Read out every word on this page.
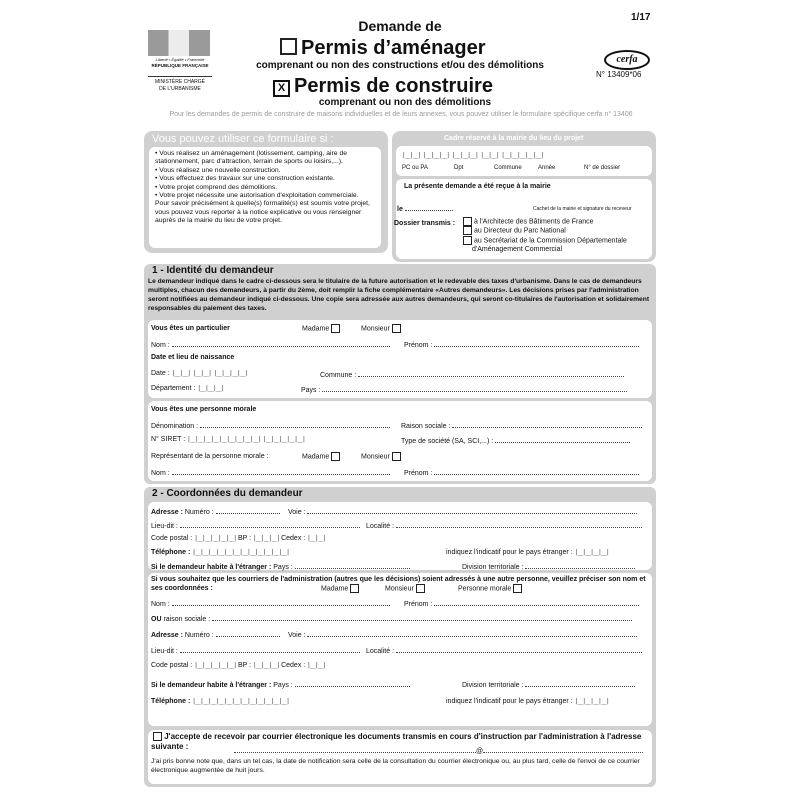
1/17
Liberté • Égalité • Fraternité
RÉPUBLIQUE FRANÇAISE
MINISTÈRE CHARGÉ
DE L'URBANISME
Demande de
Permis d’aménager
comprenant ou non des constructions et/ou des démolitions
X Permis de construire
comprenant ou non des démolitions
cerfa
N° 13409*06
Pour les demandes de permis de construire de maisons individuelles et de leurs annexes, vous pouvez utiliser le formulaire spécifique cerfa n° 13406
Vous pouvez utiliser ce formulaire si :
• Vous réalisez un aménagement (lotissement, camping, aire de stationnement, parc d'attraction, terrain de sports ou loisirs,...).
• Vous réalisez une nouvelle construction.
• Vous effectuez des travaux sur une construction existante.
• Votre projet comprend des démolitions.
• Votre projet nécessite une autorisation d'exploitation commerciale.
Pour savoir précisément à quelle(s) formalité(s) est soumis votre projet, vous pouvez vous reporter à la notice explicative ou vous renseigner auprès de la mairie du lieu de votre projet.
Cadre réservé à la mairie du lieu du projet
|__|__| |__|__|__| |__|__|__| |__|__| |__|__|__|__|__|
PC ou PA	Dpt	Commune	Année	N° de dossier
La présente demande a été reçue à la mairie
le	Cachet de la mairie et signature du receveur
Dossier transmis :	à l'Architecte des Bâtiments de France
au Directeur du Parc National
au Secrétariat de la Commission Départementale d'Aménagement Commercial
1 - Identité du demandeur
Le demandeur indiqué dans le cadre ci-dessous sera le titulaire de la future autorisation et le redevable des taxes d'urbanisme. Dans le cas de demandeurs multiples, chacun des demandeurs, à partir du 2ème, doit remplir la fiche complémentaire «Autres demandeurs». Les décisions prises par l'administration seront notifiées au demandeur indiqué ci-dessous. Une copie sera adressée aux autres demandeurs, qui seront co-titulaires de l'autorisation et solidairement responsables du paiement des taxes.
Vous êtes un particulier	Madame	Monsieur
Nom :	Prénom :
Date et lieu de naissance
Date : |__|__| |__|__| |__|__|__|__|	Commune :
Département : |__|__|__|	Pays :
Vous êtes une personne morale
Dénomination :	Raison sociale :
N° SIRET : |__|__|__|__|__|__|__|__|__| |__|__|__|__|__|	Type de société (SA, SCI,...) :
Représentant de la personne morale :	Madame	Monsieur
Nom :	Prénom :
2 - Coordonnées du demandeur
Adresse : Numéro :	Voie :
Lieu-dit :	Localité :
Code postal : |__|__|__|__|__| BP : |__|__|__| Cedex : |__|__|
Téléphone : |__|__|__|__|__|__|__|__|__|__|__|__|	indiquez l'indicatif pour le pays étranger : |__|__|__|__|
Si le demandeur habite à l'étranger : Pays :	Division territoriale :
Si vous souhaitez que les courriers de l'administration (autres que les décisions) soient adressés à une autre personne, veuillez préciser son nom et ses coordonnées :	Madame	Monsieur	Personne morale
Nom :	Prénom :
OU raison sociale :
Adresse : Numéro :	Voie :
Lieu-dit :	Localité :
Code postal : |__|__|__|__|__| BP : |__|__|__| Cedex : |__|__|
Si le demandeur habite à l'étranger : Pays :	Division territoriale :
Téléphone : |__|__|__|__|__|__|__|__|__|__|__|__|	indiquez l'indicatif pour le pays étranger : |__|__|__|__|
J'accepte de recevoir par courrier électronique les documents transmis en cours d'instruction par l'administration à l'adresse suivante :
@
J'ai pris bonne note que, dans un tel cas, la date de notification sera celle de la consultation du courrier électronique ou, au plus tard, celle de l'envoi de ce courrier électronique augmentée de huit jours.
